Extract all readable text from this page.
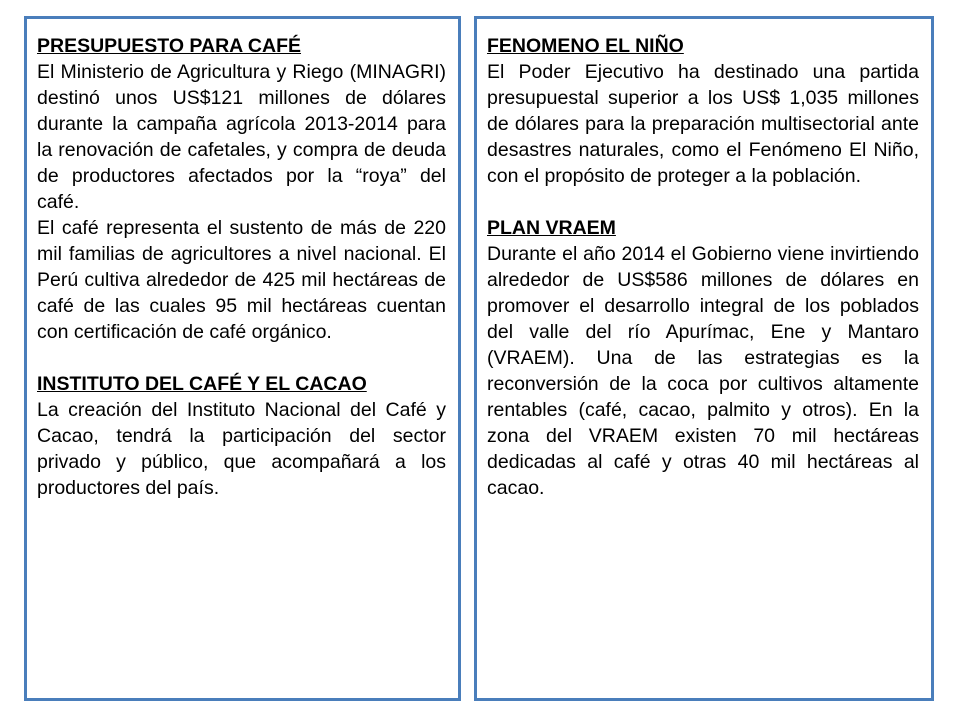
PRESUPUESTO PARA CAFÉ

El Ministerio de Agricultura y Riego (MINAGRI) destinó unos US$121 millones de dólares durante la campaña agrícola 2013-2014 para la renovación de cafetales, y compra de deuda de productores afectados por la “roya” del café.

El café representa el sustento de más de 220 mil familias de agricultores a nivel nacional. El Perú cultiva alrededor de 425 mil hectáreas de café de las cuales 95 mil hectáreas cuentan con certificación de café orgánico.

INSTITUTO DEL CAFÉ Y EL CACAO

La creación del Instituto Nacional del Café y Cacao, tendrá la participación del sector privado y público, que acompañará a los productores del país.

FENOMENO EL NIÑO

El Poder Ejecutivo ha destinado una partida presupuestal superior a los US$ 1,035 millones de dólares para la preparación multisectorial ante desastres naturales, como el Fenómeno El Niño, con el propósito de proteger a la población.

PLAN VRAEM

Durante el año 2014 el Gobierno viene invirtiendo alrededor de US$586 millones de dólares en promover el desarrollo integral de los poblados del valle del río Apurímac, Ene y Mantaro (VRAEM). Una de las estrategias es la reconversión de la coca por cultivos altamente rentables (café, cacao, palmito y otros). En la zona del VRAEM existen 70 mil hectáreas dedicadas al café y otras 40 mil hectáreas al cacao.
